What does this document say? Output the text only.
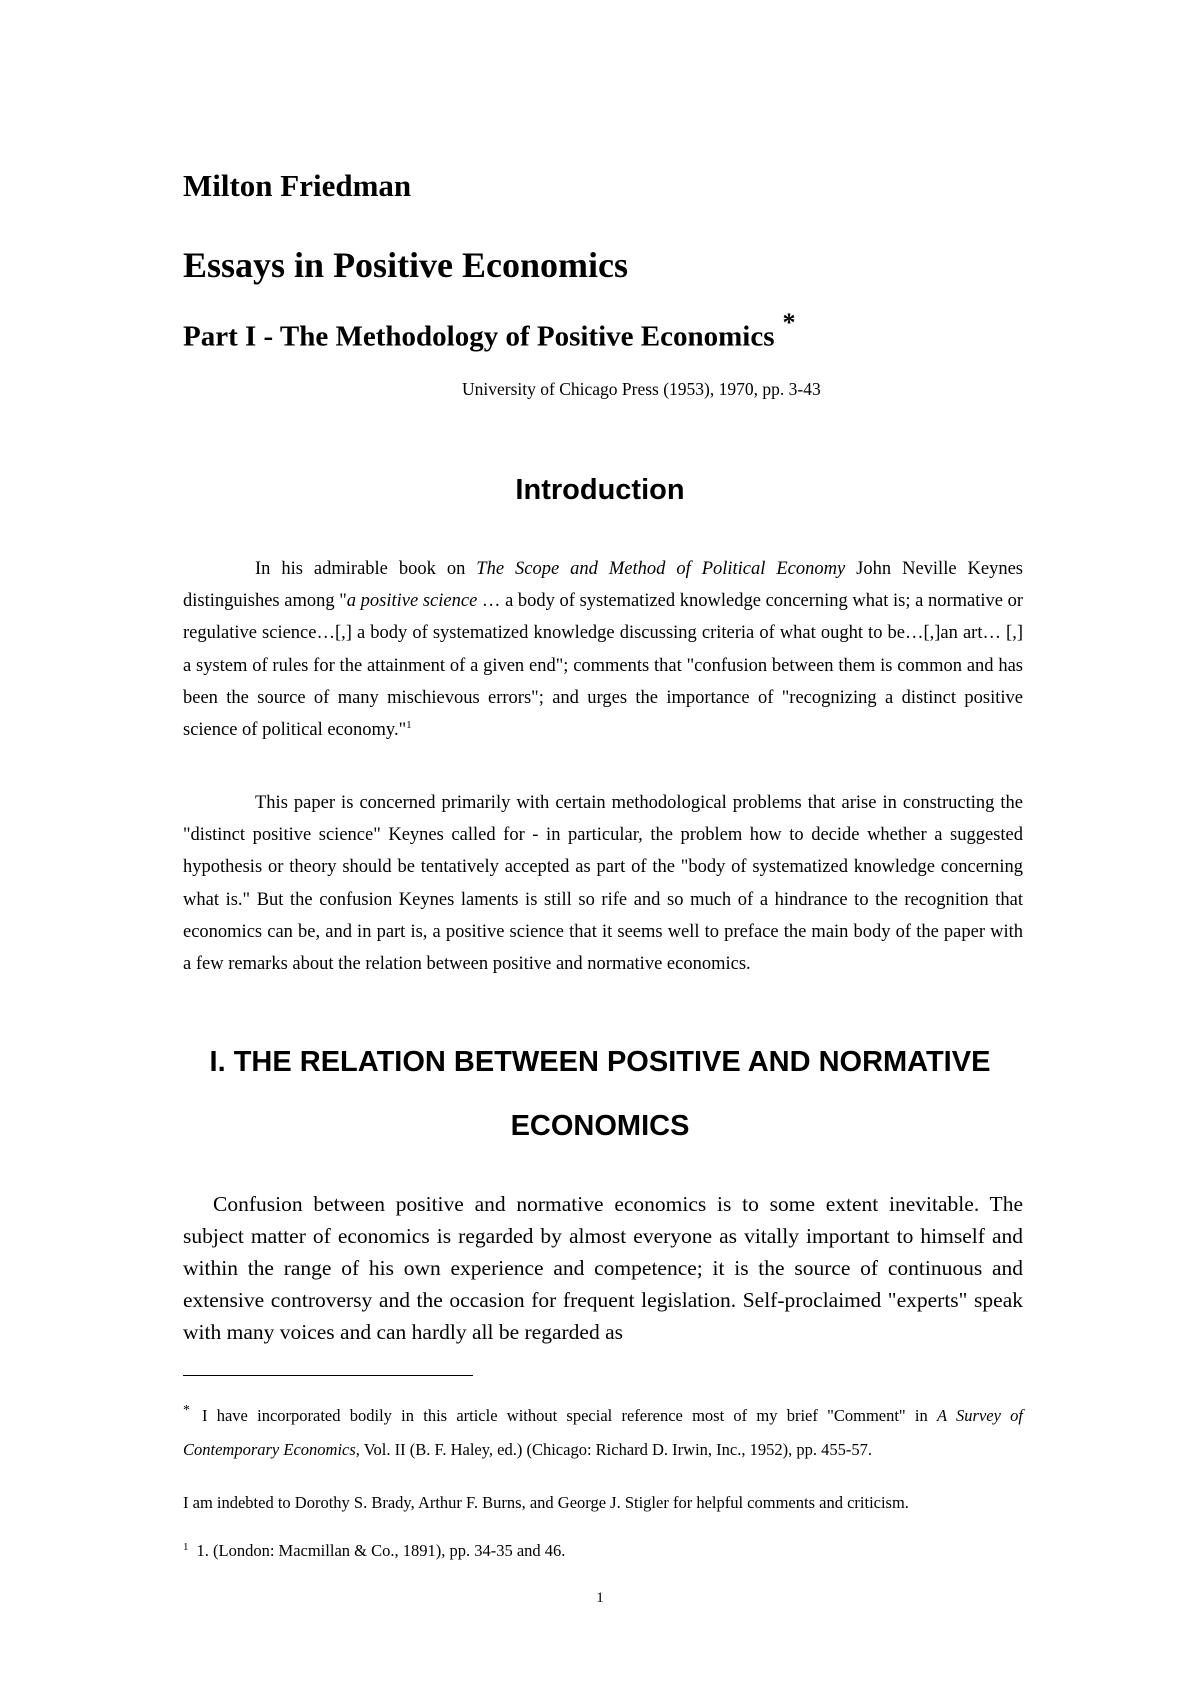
Milton Friedman
Essays in Positive Economics
Part I - The Methodology of Positive Economics *
University of Chicago Press (1953), 1970, pp. 3-43
Introduction

In his admirable book on The Scope and Method of Political Economy John Neville Keynes distinguishes among "a positive science … a body of systematized knowledge concerning what is; a normative or regulative science…[,] a body of systematized knowledge discussing criteria of what ought to be…[,]an art… [,] a system of rules for the attainment of a given end"; comments that "confusion between them is common and has been the source of many mischievous errors"; and urges the importance of "recognizing a distinct positive science of political economy."$^1$

This paper is concerned primarily with certain methodological problems that arise in constructing the "distinct positive science" Keynes called for - in particular, the problem how to decide whether a suggested hypothesis or theory should be tentatively accepted as part of the "body of systematized knowledge concerning what is." But the confusion Keynes laments is still so rife and so much of a hindrance to the recognition that economics can be, and in part is, a positive science that it seems well to preface the main body of the paper with a few remarks about the relation between positive and normative economics.

I. THE RELATION BETWEEN POSITIVE AND NORMATIVE
ECONOMICS

Confusion between positive and normative economics is to some extent inevitable. The subject matter of economics is regarded by almost everyone as vitally important to himself and within the range of his own experience and competence; it is the source of continuous and extensive controversy and the occasion for frequent legislation. Self-proclaimed "experts" speak with many voices and can hardly all be regarded as

* I have incorporated bodily in this article without special reference most of my brief "Comment" in A Survey of Contemporary Economics, Vol. II (B. F. Haley, ed.) (Chicago: Richard D. Irwin, Inc., 1952), pp. 455-57.

I am indebted to Dorothy S. Brady, Arthur F. Burns, and George J. Stigler for helpful comments and criticism.

$^1$ 1. (London: Macmillan & Co., 1891), pp. 34-35 and 46.

1
